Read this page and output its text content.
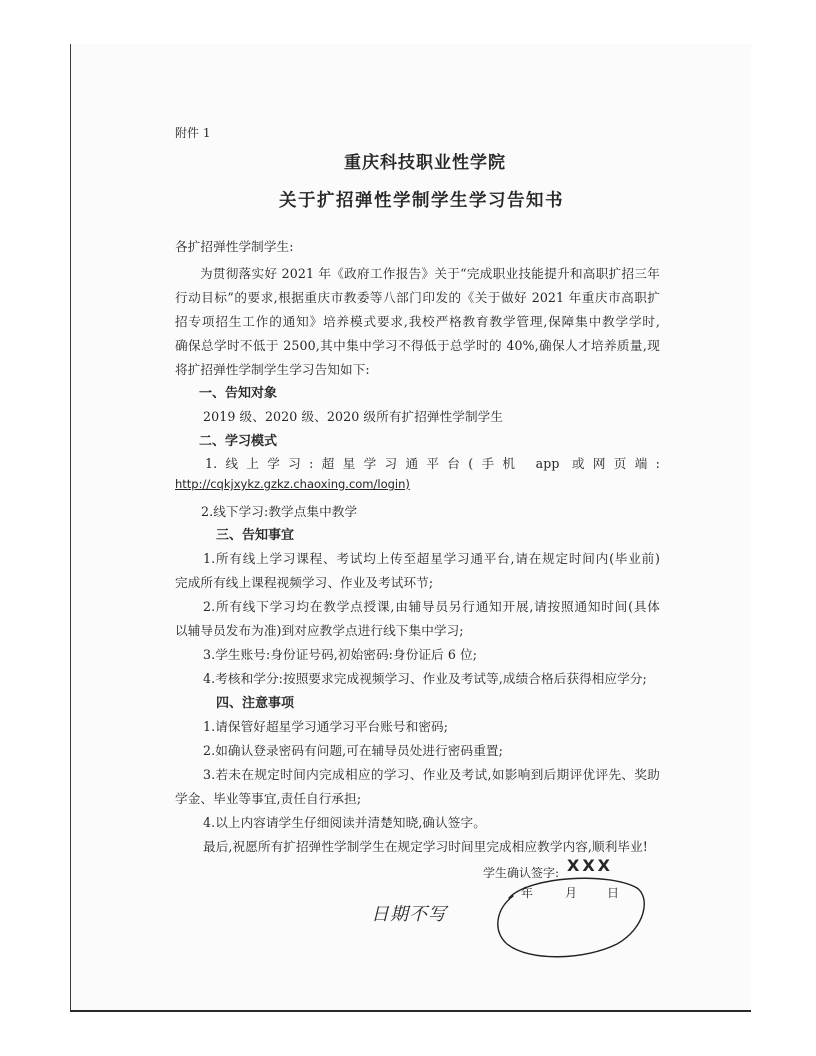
附件 1
重庆科技职业性学院
关于扩招弹性学制学生学习告知书
各扩招弹性学制学生:
为贯彻落实好 2021 年《政府工作报告》关于“完成职业技能提升和高职扩招三年
行动目标”的要求,根据重庆市教委等八部门印发的《关于做好 2021 年重庆市高职扩
招专项招生工作的通知》培养模式要求,我校严格教育教学管理,保障集中教学学时,
确保总学时不低于 2500,其中集中学习不得低于总学时的 40%,确保人才培养质量,现
将扩招弹性学制学生学习告知如下:
一、告知对象
2019 级、2020 级、2020 级所有扩招弹性学制学生
二、学习模式
1.线上学习:超星学习通平台(手机 app 或网页端:
http://cqkjxykz.gzkz.chaoxing.com/login)
2.线下学习:教学点集中教学
三、告知事宜
1.所有线上学习课程、考试均上传至超星学习通平台,请在规定时间内(毕业前)
完成所有线上课程视频学习、作业及考试环节;
2.所有线下学习均在教学点授课,由辅导员另行通知开展,请按照通知时间(具体
以辅导员发布为准)到对应教学点进行线下集中学习;
3.学生账号:身份证号码,初始密码:身份证后 6 位;
4.考核和学分:按照要求完成视频学习、作业及考试等,成绩合格后获得相应学分;
四、注意事项
1.请保管好超星学习通学习平台账号和密码;
2.如确认登录密码有问题,可在辅导员处进行密码重置;
3.若未在规定时间内完成相应的学习、作业及考试,如影响到后期评优评先、奖助
学金、毕业等事宜,责任自行承担;
4.以上内容请学生仔细阅读并清楚知晓,确认签字。
最后,祝愿所有扩招弹性学制学生在规定学习时间里完成相应教学内容,顺利毕业!
学生确认签字: XXX
年	月 日
日期不写
